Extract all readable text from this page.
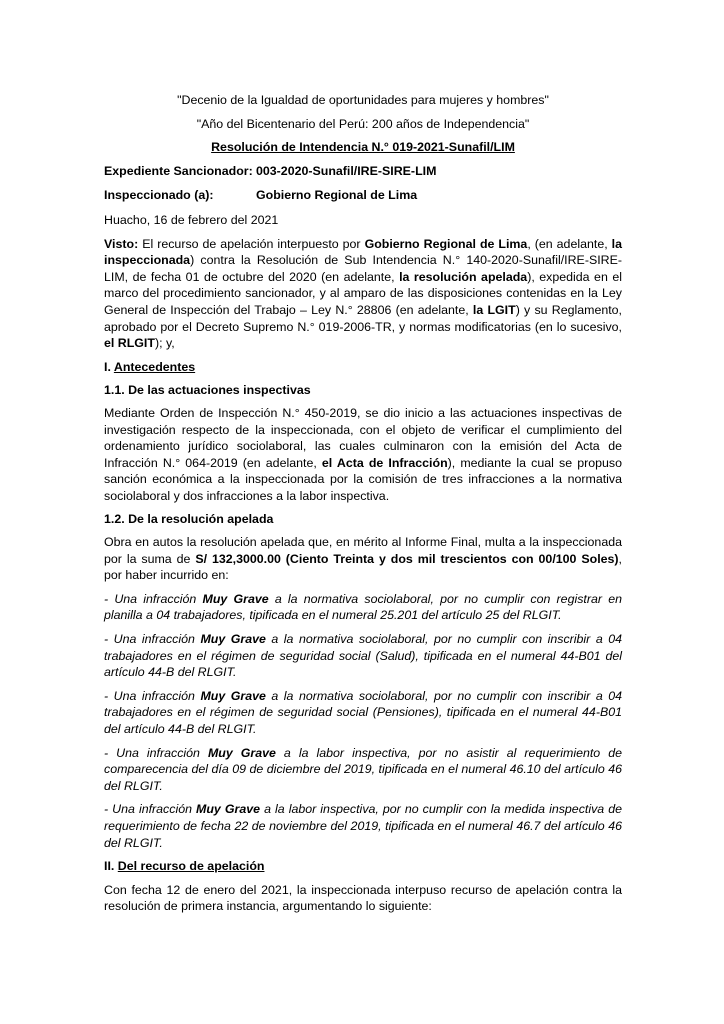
"Decenio de la Igualdad de oportunidades para mujeres y hombres"

"Año del Bicentenario del Perú: 200 años de Independencia"

Resolución de Intendencia N.° 019-2021-Sunafil/LIM

Expediente Sancionador: 003-2020-Sunafil/IRE-SIRE-LIM
Inspeccionado (a):	Gobierno Regional de Lima

Huacho, 16 de febrero del 2021

Visto: El recurso de apelación interpuesto por Gobierno Regional de Lima, (en adelante, la inspeccionada) contra la Resolución de Sub Intendencia N.° 140-2020-Sunafil/IRE-SIRE-LIM, de fecha 01 de octubre del 2020 (en adelante, la resolución apelada), expedida en el marco del procedimiento sancionador, y al amparo de las disposiciones contenidas en la Ley General de Inspección del Trabajo – Ley N.° 28806 (en adelante, la LGIT) y su Reglamento, aprobado por el Decreto Supremo N.° 019-2006-TR, y normas modificatorias (en lo sucesivo, el RLGIT); y,

I. Antecedentes

1.1. De las actuaciones inspectivas

Mediante Orden de Inspección N.° 450-2019, se dio inicio a las actuaciones inspectivas de investigación respecto de la inspeccionada, con el objeto de verificar el cumplimiento del ordenamiento jurídico sociolaboral, las cuales culminaron con la emisión del Acta de Infracción N.° 064-2019 (en adelante, el Acta de Infracción), mediante la cual se propuso sanción económica a la inspeccionada por la comisión de tres infracciones a la normativa sociolaboral y dos infracciones a la labor inspectiva.

1.2. De la resolución apelada

Obra en autos la resolución apelada que, en mérito al Informe Final, multa a la inspeccionada por la suma de S/ 132,3000.00 (Ciento Treinta y dos mil trescientos con 00/100 Soles), por haber incurrido en:

- Una infracción Muy Grave a la normativa sociolaboral, por no cumplir con registrar en planilla a 04 trabajadores, tipificada en el numeral 25.201 del artículo 25 del RLGIT.

- Una infracción Muy Grave a la normativa sociolaboral, por no cumplir con inscribir a 04 trabajadores en el régimen de seguridad social (Salud), tipificada en el numeral 44-B01 del artículo 44-B del RLGIT.

- Una infracción Muy Grave a la normativa sociolaboral, por no cumplir con inscribir a 04 trabajadores en el régimen de seguridad social (Pensiones), tipificada en el numeral 44-B01 del artículo 44-B del RLGIT.

- Una infracción Muy Grave a la labor inspectiva, por no asistir al requerimiento de comparecencia del día 09 de diciembre del 2019, tipificada en el numeral 46.10 del artículo 46 del RLGIT.

- Una infracción Muy Grave a la labor inspectiva, por no cumplir con la medida inspectiva de requerimiento de fecha 22 de noviembre del 2019, tipificada en el numeral 46.7 del artículo 46 del RLGIT.

II. Del recurso de apelación

Con fecha 12 de enero del 2021, la inspeccionada interpuso recurso de apelación contra la resolución de primera instancia, argumentando lo siguiente:
